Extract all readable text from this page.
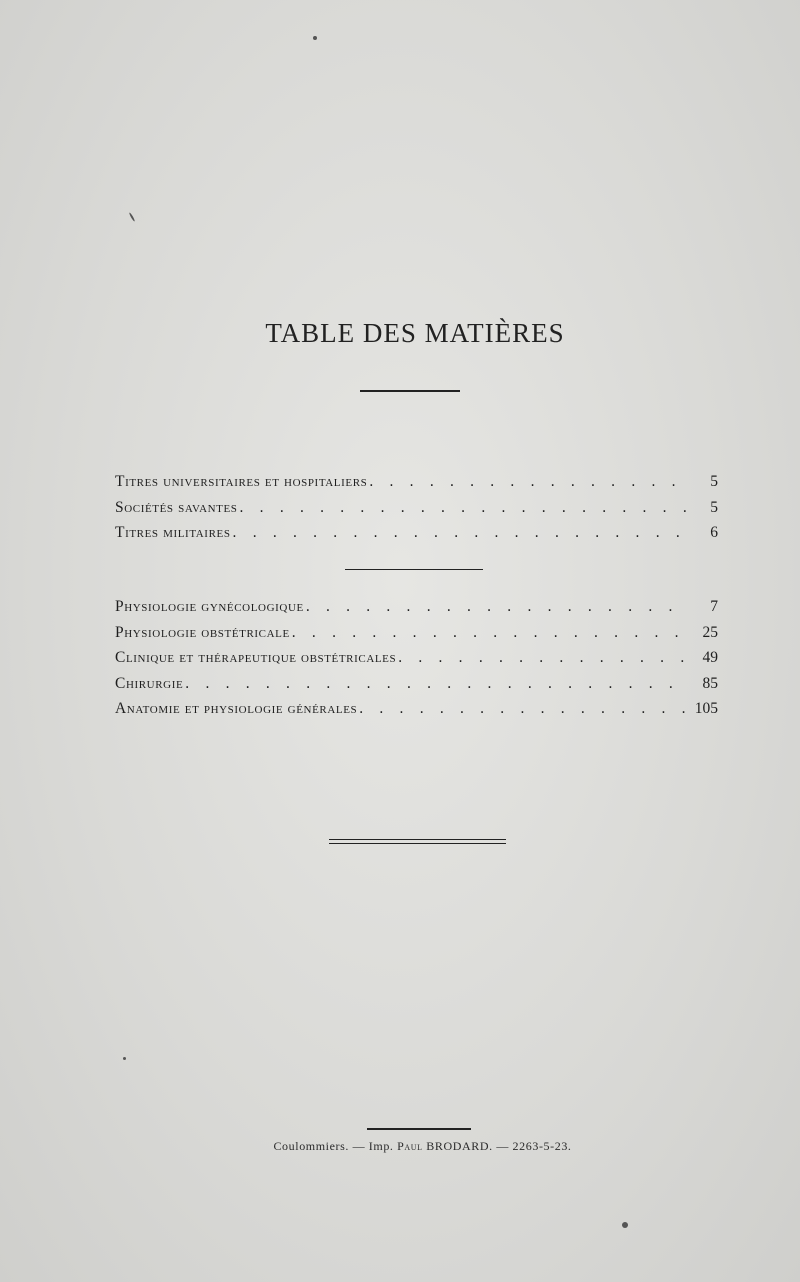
TABLE DES MATIÈRES
Titres universitaires et hospitaliers . . .	5
Sociétés savantes . . .	5
Titres militaires . . .	6
Physiologie gynécologique . . .	7
Physiologie obstétricale . . .	25
Clinique et thérapeutique obstétricales . . .	49
Chirurgie . . .	85
Anatomie et physiologie générales . . .	105
Coulommiers. — Imp. Paul BRODARD. — 2263-5-23.
